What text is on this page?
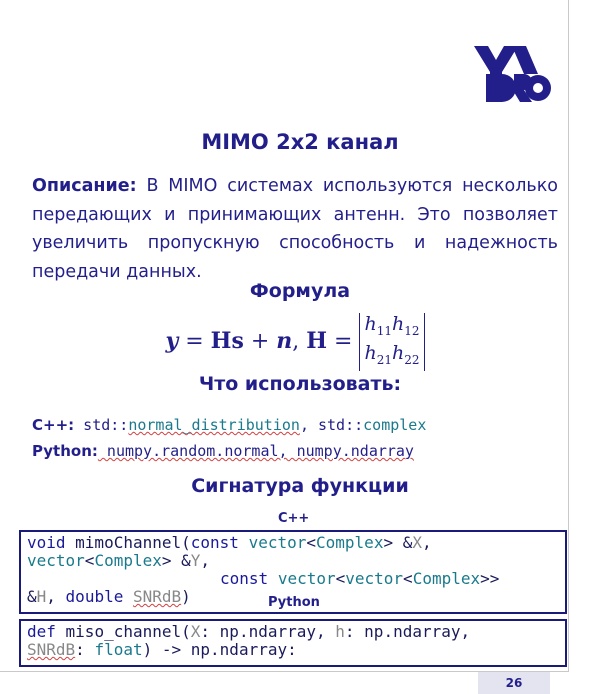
MIMO 2x2 канал
Описание: В MIMO системах используются несколько передающих и принимающих антенн. Это позволяет увеличить пропускную способность и надежность передачи данных.
Формула
y = Hs + n, $H = h_{11}h_{12}$
$h_{21}h_{22}$
Что использовать:
C++: std::normal_distribution, std::complex
Python: numpy.random.normal, numpy.ndarray
Сигнатура функции
C++
void mimoChannel(const vector<Complex> &X,
vector<Complex> &Y,
const vector<vector<Complex>>
&H, double SNRdB)	Python
def miso_channel(X: np.ndarray, h: np.ndarray,
SNRdB: float) -> np.ndarray:
26
